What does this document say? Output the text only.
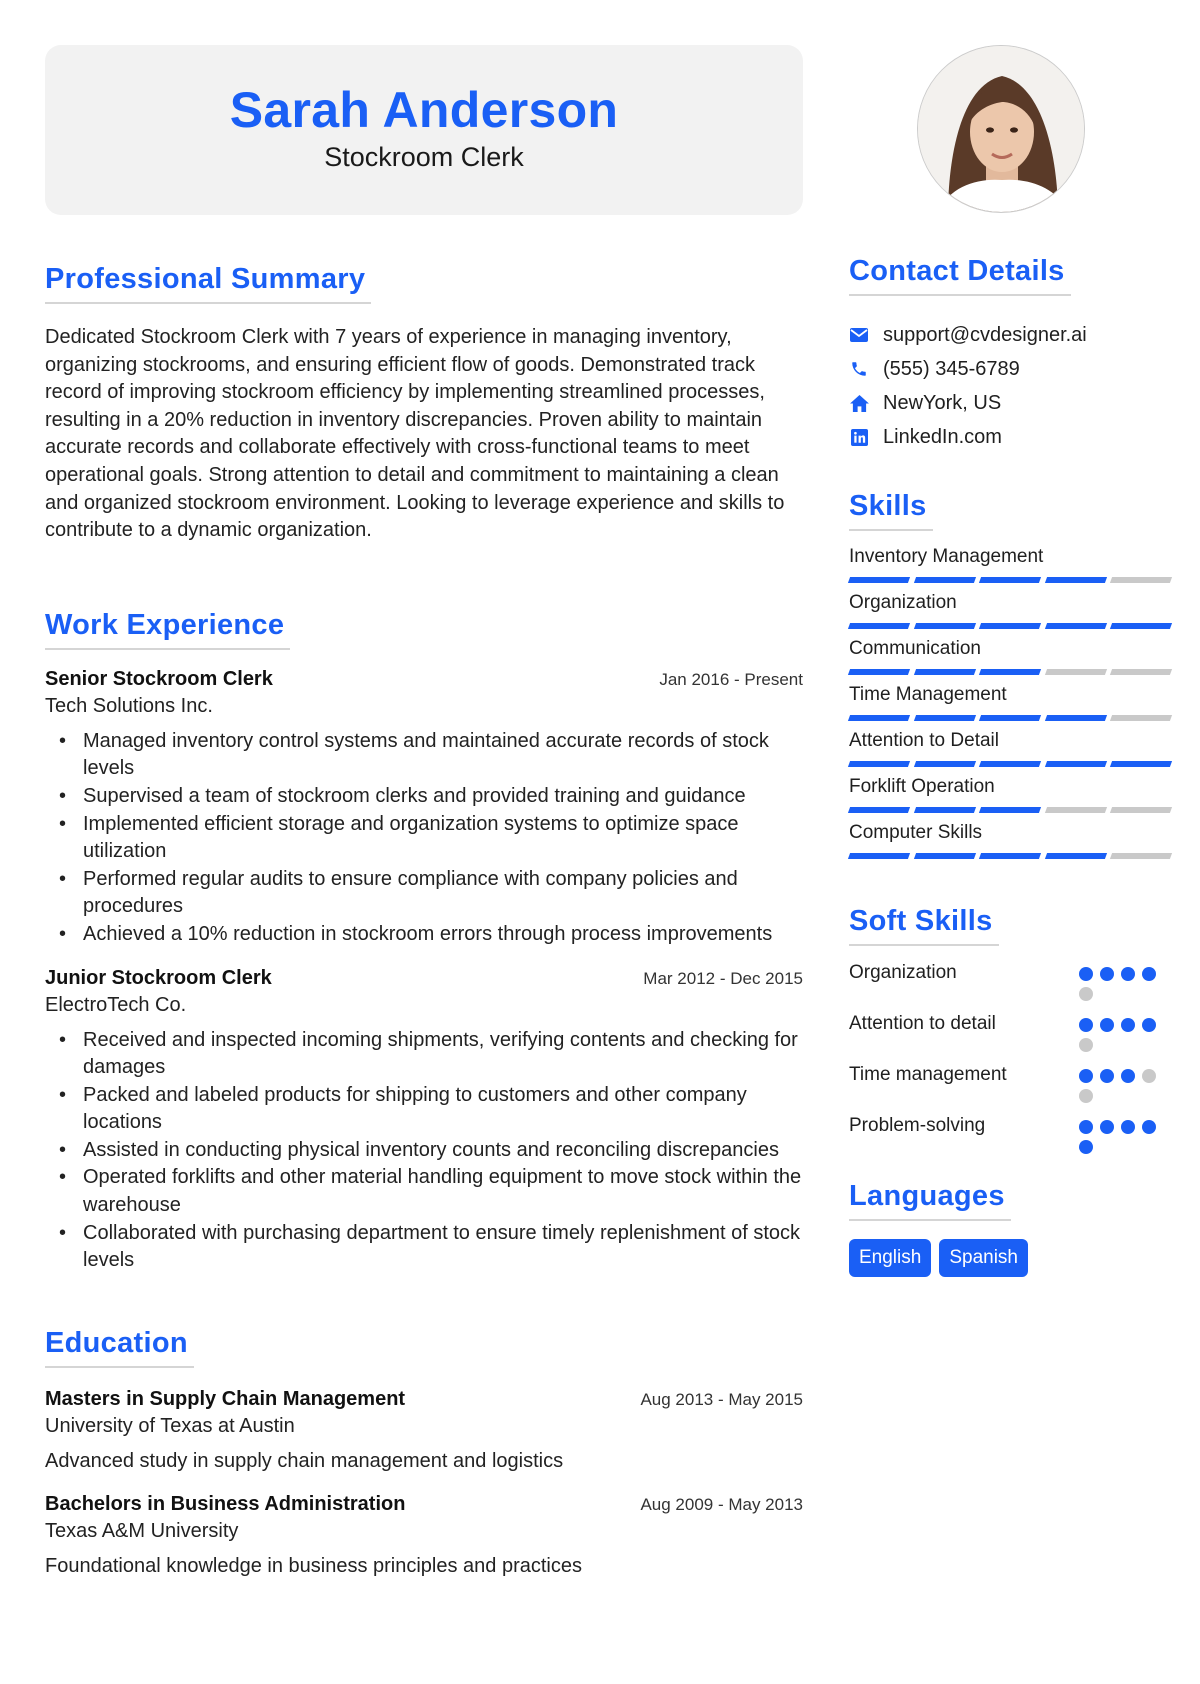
Sarah Anderson
Stockroom Clerk
Professional Summary

Dedicated Stockroom Clerk with 7 years of experience in managing inventory, organizing stockrooms, and ensuring efficient flow of goods. Demonstrated track record of improving stockroom efficiency by implementing streamlined processes, resulting in a 20% reduction in inventory discrepancies. Proven ability to maintain accurate records and collaborate effectively with cross-functional teams to meet operational goals. Strong attention to detail and commitment to maintaining a clean and organized stockroom environment. Looking to leverage experience and skills to contribute to a dynamic organization.

Work Experience
Senior Stockroom Clerk	Jan 2016 - Present
Tech Solutions Inc.
• Managed inventory control systems and maintained accurate records of stock levels
• Supervised a team of stockroom clerks and provided training and guidance
• Implemented efficient storage and organization systems to optimize space utilization
• Performed regular audits to ensure compliance with company policies and procedures
• Achieved a 10% reduction in stockroom errors through process improvements
Junior Stockroom Clerk	Mar 2012 - Dec 2015
ElectroTech Co.
• Received and inspected incoming shipments, verifying contents and checking for damages
• Packed and labeled products for shipping to customers and other company locations
• Assisted in conducting physical inventory counts and reconciling discrepancies
• Operated forklifts and other material handling equipment to move stock within the warehouse
• Collaborated with purchasing department to ensure timely replenishment of stock levels
Education
Masters in Supply Chain Management	Aug 2013 - May 2015
University of Texas at Austin
Advanced study in supply chain management and logistics
Bachelors in Business Administration	Aug 2009 - May 2013
Texas A&M University
Foundational knowledge in business principles and practices
Contact Details
support@cvdesigner.ai
(555) 345-6789
NewYork, US
LinkedIn.com
Skills
Inventory Management
Organization
Communication
Time Management
Attention to Detail
Forklift Operation
Computer Skills
Soft Skills
Organization
Attention to detail
Time management
Problem-solving
Languages
English	Spanish
